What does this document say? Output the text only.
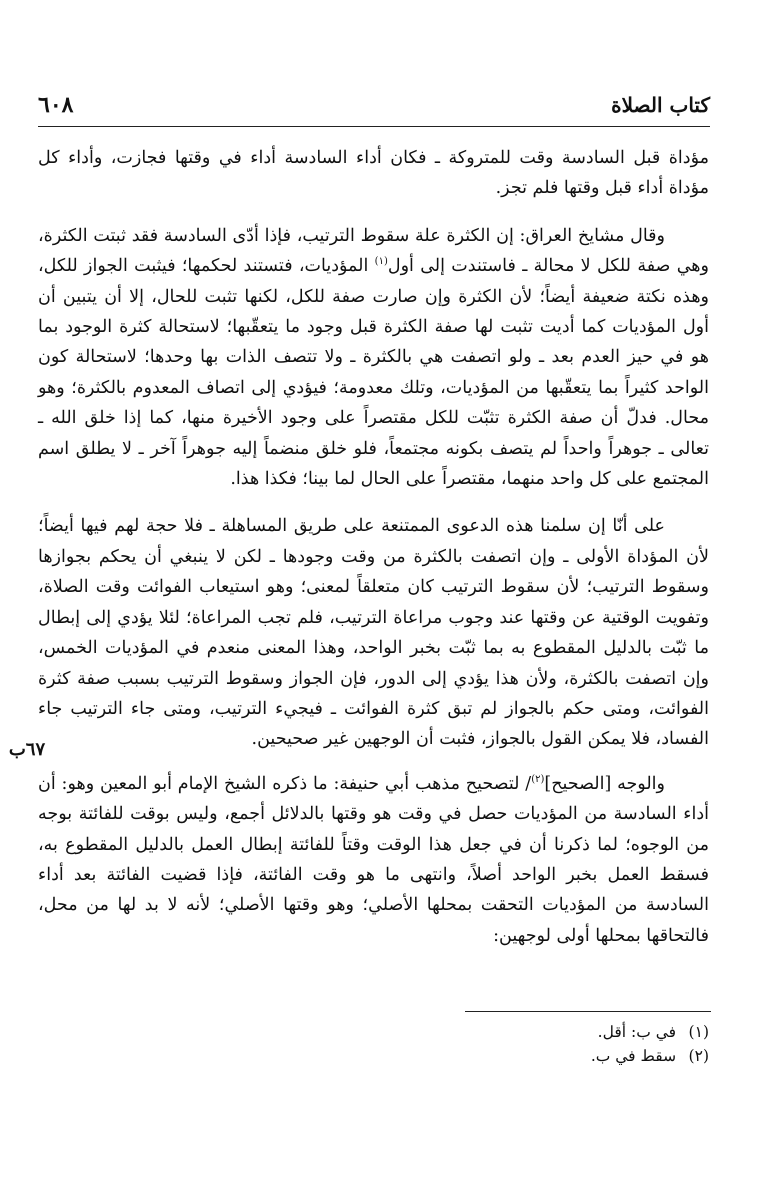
٦٠٨	كتاب الصلاة

مؤداة قبل السادسة وقت للمتروكة ـ فكان أداء السادسة أداء في وقتها فجازت، وأداء كل مؤداة أداء قبل وقتها فلم تجز.

وقال مشايخ العراق: إن الكثرة علة سقوط الترتيب، فإذا أدّى السادسة فقد ثبتت الكثرة، وهي صفة للكل لا محالة ـ فاستندت إلى أول$^{(١)}$ المؤديات، فتستند لحكمها؛ فيثبت الجواز للكل، وهذه نكتة ضعيفة أيضاً؛ لأن الكثرة وإن صارت صفة للكل، لكنها تثبت للحال، إلا أن يتبين أن أول المؤديات كما أديت تثبت لها صفة الكثرة قبل وجود ما يتعقّبها؛ لاستحالة كثرة الوجود بما هو في حيز العدم بعد ـ ولو اتصفت هي بالكثرة ـ ولا تتصف الذات بها وحدها؛ لاستحالة كون الواحد كثيراً بما يتعقّبها من المؤديات، وتلك معدومة؛ فيؤدي إلى اتصاف المعدوم بالكثرة؛ وهو محال. فدلّ أن صفة الكثرة تثبّت للكل مقتصراً على وجود الأخيرة منها، كما إذا خلق الله ـ تعالى ـ جوهراً واحداً لم يتصف بكونه مجتمعاً، فلو خلق منضماً إليه جوهراً آخر ـ لا يطلق اسم المجتمع على كل واحد منهما، مقتصراً على الحال لما بينا؛ فكذا هذا.

على أنّا إن سلمنا هذه الدعوى الممتنعة على طريق المساهلة ـ فلا حجة لهم فيها أيضاً؛ لأن المؤداة الأولى ـ وإن اتصفت بالكثرة من وقت وجودها ـ لكن لا ينبغي أن يحكم بجوازها وسقوط الترتيب؛ لأن سقوط الترتيب كان متعلقاً لمعنى؛ وهو استيعاب الفوائت وقت الصلاة، وتفويت الوقتية عن وقتها عند وجوب مراعاة الترتيب، فلم تجب المراعاة؛ لئلا يؤدي إلى إبطال ما ثبّت بالدليل المقطوع به بما ثبّت بخبر الواحد، وهذا المعنى منعدم في المؤديات الخمس، وإن اتصفت بالكثرة، ولأن هذا يؤدي إلى الدور، فإن الجواز وسقوط الترتيب بسبب صفة كثرة الفوائت، ومتى حكم بالجواز لم تبق كثرة الفوائت ـ فيجيء الترتيب، ومتى جاء الترتيب جاء الفساد، فلا يمكن القول بالجواز، فثبت أن الوجهين غير صحيحين.

والوجه [الصحيح]$^{(٢)}$/ لتصحيح مذهب أبي حنيفة: ما ذكره الشيخ الإمام أبو المعين وهو: أن أداء السادسة من المؤديات حصل في وقت هو وقتها بالدلائل أجمع، وليس بوقت للفائتة بوجه من الوجوه؛ لما ذكرنا أن في جعل هذا الوقت وقتاً للفائتة إبطال العمل بالدليل المقطوع به، فسقط العمل بخبر الواحد أصلاً، وانتهى ما هو وقت الفائتة، فإذا قضيت الفائتة بعد أداء السادسة من المؤديات التحقت بمحلها الأصلي؛ وهو وقتها الأصلي؛ لأنه لا بد لها من محل، فالتحاقها بمحلها أولى لوجهين:

٦٧ب
(١) في ب: أقل.
(٢) سقط في ب.
